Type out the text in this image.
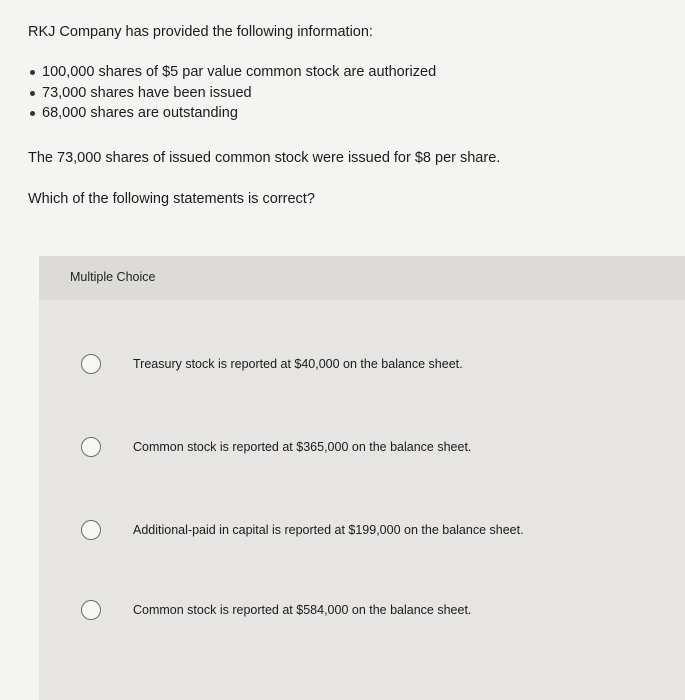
RKJ Company has provided the following information:

100,000 shares of $5 par value common stock are authorized
73,000 shares have been issued
68,000 shares are outstanding

The 73,000 shares of issued common stock were issued for $8 per share.

Which of the following statements is correct?

Multiple Choice
Treasury stock is reported at $40,000 on the balance sheet.
Common stock is reported at $365,000 on the balance sheet.
Additional-paid in capital is reported at $199,000 on the balance sheet.
Common stock is reported at $584,000 on the balance sheet.
